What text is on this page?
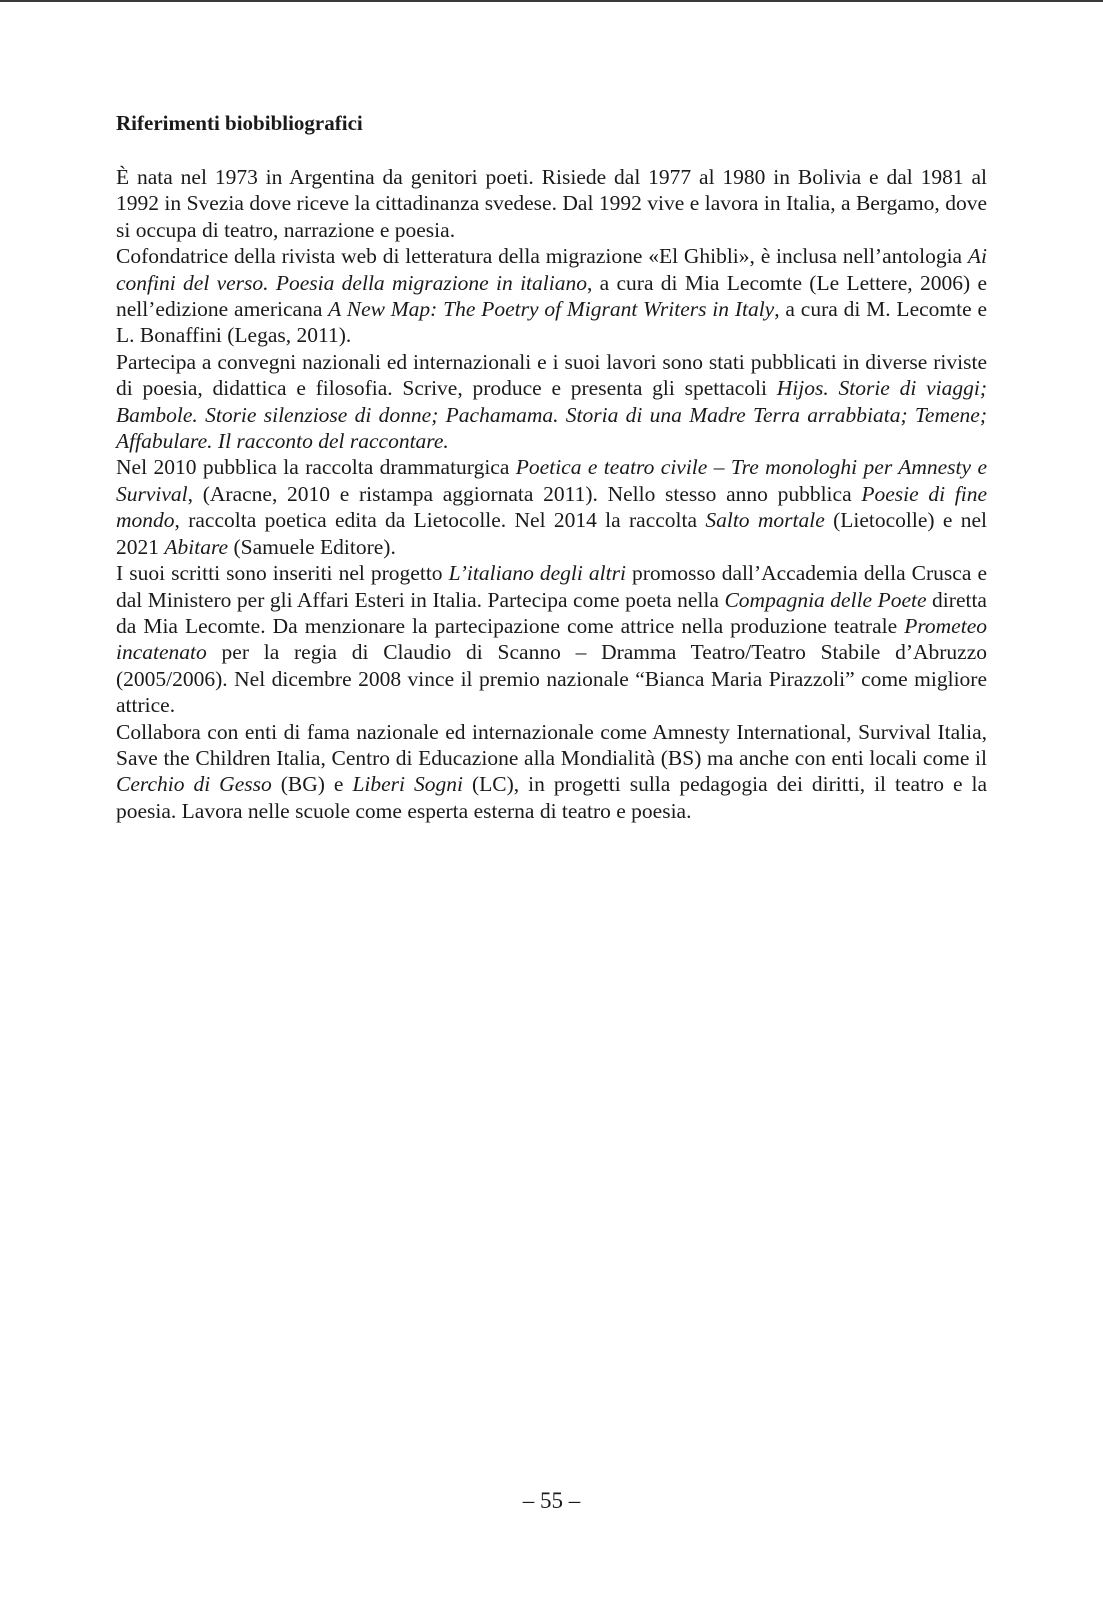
Riferimenti biobibliografici

È nata nel 1973 in Argentina da genitori poeti. Risiede dal 1977 al 1980 in Bolivia e dal 1981 al 1992 in Svezia dove riceve la cittadinanza svedese. Dal 1992 vive e lavora in Italia, a Bergamo, dove si occupa di teatro, narrazione e poesia.

Cofondatrice della rivista web di letteratura della migrazione «El Ghibli», è inclusa nell’antologia Ai confini del verso. Poesia della migrazione in italiano, a cura di Mia Lecomte (Le Lettere, 2006) e nell’edizione americana A New Map: The Poetry of Migrant Writers in Italy, a cura di M. Lecomte e L. Bonaffini (Legas, 2011).

Partecipa a convegni nazionali ed internazionali e i suoi lavori sono stati pubblicati in diverse riviste di poesia, didattica e filosofia. Scrive, produce e presenta gli spettacoli Hijos. Storie di viaggi; Bambole. Storie silenziose di donne; Pachamama. Storia di una Madre Terra arrabbiata; Temene; Affabulare. Il racconto del raccontare.

Nel 2010 pubblica la raccolta drammaturgica Poetica e teatro civile – Tre monologhi per Amnesty e Survival, (Aracne, 2010 e ristampa aggiornata 2011). Nello stesso anno pubblica Poesie di fine mondo, raccolta poetica edita da Lietocolle. Nel 2014 la raccolta Salto mortale (Lietocolle) e nel 2021 Abitare (Samuele Editore).

I suoi scritti sono inseriti nel progetto L’italiano degli altri promosso dall’Accademia della Crusca e dal Ministero per gli Affari Esteri in Italia. Partecipa come poeta nella Compagnia delle Poete diretta da Mia Lecomte. Da menzionare la partecipazione come attrice nella produzione teatrale Prometeo incatenato per la regia di Claudio di Scanno – Dramma Teatro/Teatro Stabile d’Abruzzo (2005/2006). Nel dicembre 2008 vince il premio nazionale “Bianca Maria Pirazzoli” come migliore attrice.

Collabora con enti di fama nazionale ed internazionale come Amnesty International, Survival Italia, Save the Children Italia, Centro di Educazione alla Mondialità (BS) ma anche con enti locali come il Cerchio di Gesso (BG) e Liberi Sogni (LC), in progetti sulla pedagogia dei diritti, il teatro e la poesia. Lavora nelle scuole come esperta esterna di teatro e poesia.

– 55 –
